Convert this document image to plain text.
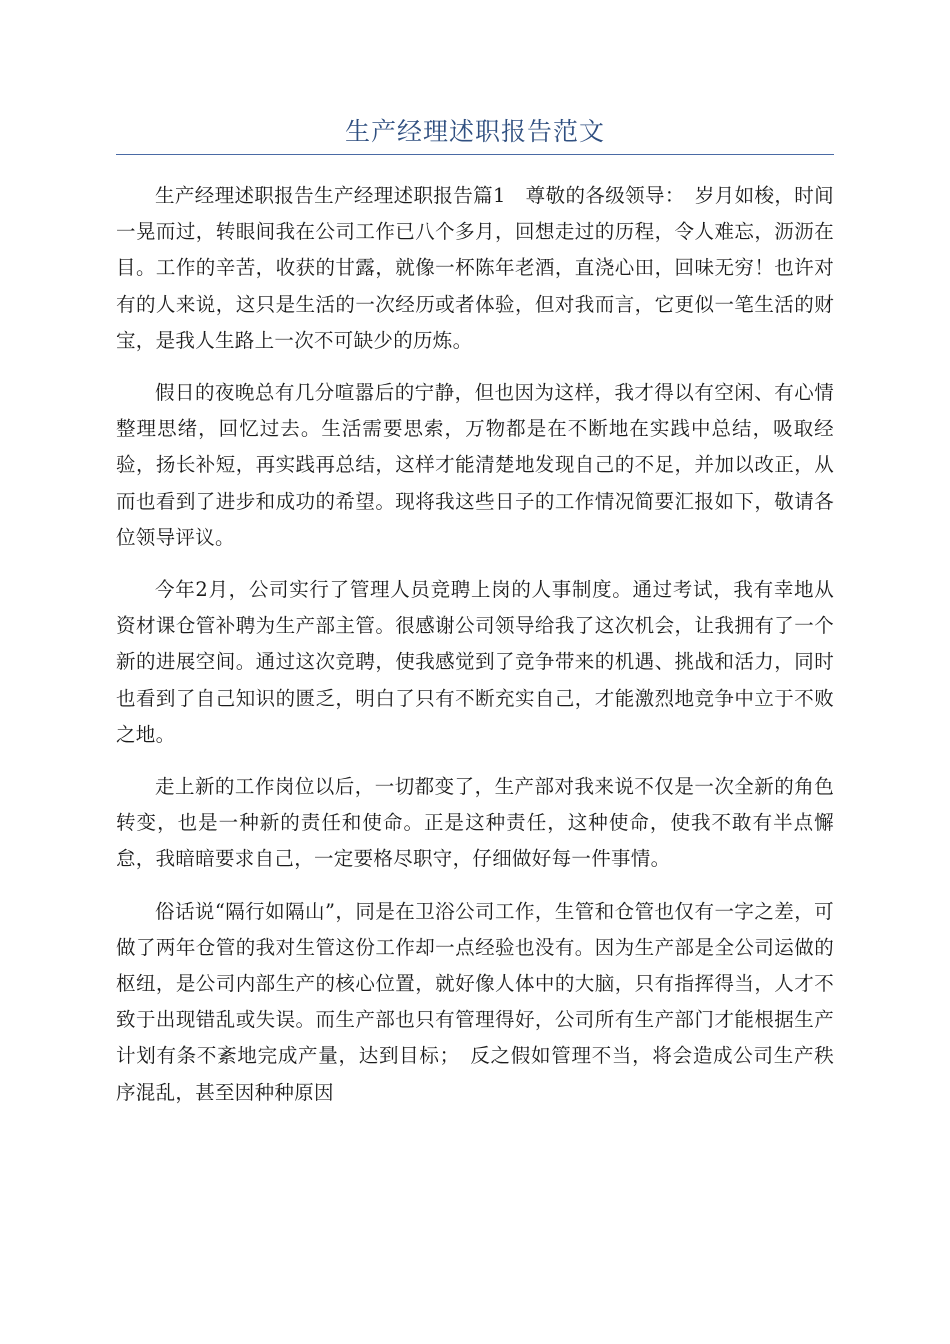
生产经理述职报告范文

生产经理述职报告生产经理述职报告篇1　尊敬的各级领导：　岁月如梭，时间一晃而过，转眼间我在公司工作已八个多月，回想走过的历程，令人难忘，沥沥在目。工作的辛苦，收获的甘露，就像一杯陈年老酒，直浇心田，回味无穷！也许对有的人来说，这只是生活的一次经历或者体验，但对我而言，它更似一笔生活的财宝，是我人生路上一次不可缺少的历炼。

假日的夜晚总有几分喧嚣后的宁静，但也因为这样，我才得以有空闲、有心情整理思绪，回忆过去。生活需要思索，万物都是在不断地在实践中总结，吸取经验，扬长补短，再实践再总结，这样才能清楚地发现自己的不足，并加以改正，从而也看到了进步和成功的希望。现将我这些日子的工作情况简要汇报如下，敬请各位领导评议。

今年2月，公司实行了管理人员竞聘上岗的人事制度。通过考试，我有幸地从资材课仓管补聘为生产部主管。很感谢公司领导给我了这次机会，让我拥有了一个新的进展空间。通过这次竞聘，使我感觉到了竞争带来的机遇、挑战和活力，同时也看到了自己知识的匮乏，明白了只有不断充实自己，才能激烈地竞争中立于不败之地。

走上新的工作岗位以后，一切都变了，生产部对我来说不仅是一次全新的角色转变，也是一种新的责任和使命。正是这种责任，这种使命，使我不敢有半点懈怠，我暗暗要求自己，一定要格尽职守，仔细做好每一件事情。

俗话说“隔行如隔山”，同是在卫浴公司工作，生管和仓管也仅有一字之差，可做了两年仓管的我对生管这份工作却一点经验也没有。因为生产部是全公司运做的枢纽，是公司内部生产的核心位置，就好像人体中的大脑，只有指挥得当，人才不致于出现错乱或失误。而生产部也只有管理得好，公司所有生产部门才能根据生产计划有条不紊地完成产量，达到目标；　反之假如管理不当，将会造成公司生产秩序混乱，甚至因种种原因
